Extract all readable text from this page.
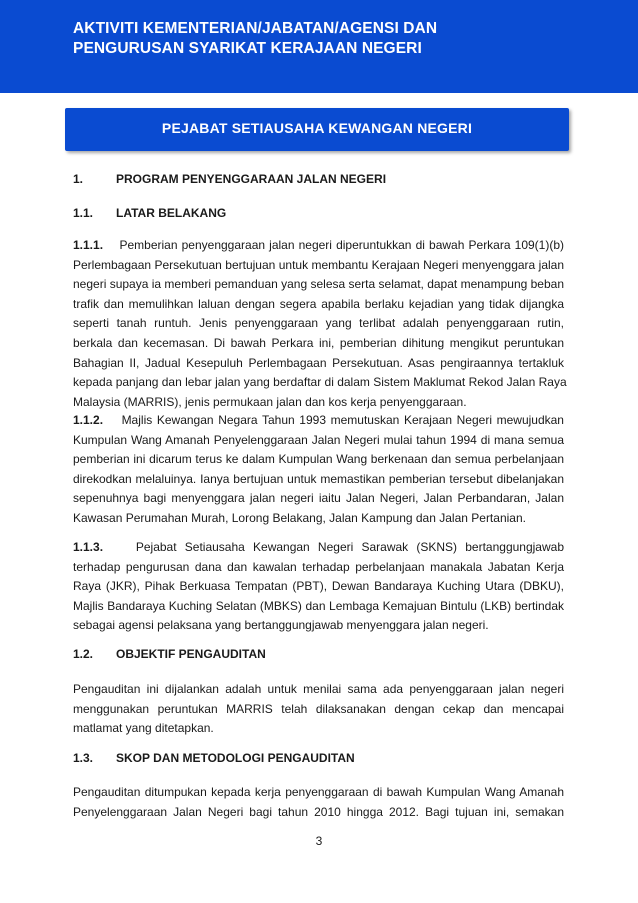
AKTIVITI KEMENTERIAN/JABATAN/AGENSI DAN
PENGURUSAN SYARIKAT KERAJAAN NEGERI
PEJABAT SETIAUSAHA KEWANGAN NEGERI
1.	PROGRAM PENYENGGARAAN JALAN NEGERI
1.1. LATAR BELAKANG
1.1.1. Pemberian penyenggaraan jalan negeri diperuntukkan di bawah Perkara 109(1)(b)
Perlembagaan Persekutuan bertujuan untuk membantu Kerajaan Negeri menyenggara jalan
negeri supaya ia memberi pemanduan yang selesa serta selamat, dapat menampung beban
trafik dan memulihkan laluan dengan segera apabila berlaku kejadian yang tidak dijangka
seperti tanah runtuh. Jenis penyenggaraan yang terlibat adalah penyenggaraan rutin,
berkala dan kecemasan. Di bawah Perkara ini, pemberian dihitung mengikut peruntukan
Bahagian II, Jadual Kesepuluh Perlembagaan Persekutuan. Asas pengiraannya tertakluk
kepada panjang dan lebar jalan yang berdaftar di dalam Sistem Maklumat Rekod Jalan Raya
Malaysia (MARRIS), jenis permukaan jalan dan kos kerja penyenggaraan.
1.1.2. Majlis Kewangan Negara Tahun 1993 memutuskan Kerajaan Negeri mewujudkan
Kumpulan Wang Amanah Penyelenggaraan Jalan Negeri mulai tahun 1994 di mana semua
pemberian ini dicarum terus ke dalam Kumpulan Wang berkenaan dan semua perbelanjaan
direkodkan melaluinya. Ianya bertujuan untuk memastikan pemberian tersebut dibelanjakan
sepenuhnya bagi menyenggara jalan negeri iaitu Jalan Negeri, Jalan Perbandaran, Jalan
Kawasan Perumahan Murah, Lorong Belakang, Jalan Kampung dan Jalan Pertanian.
1.1.3.	Pejabat Setiausaha Kewangan Negeri Sarawak (SKNS) bertanggungjawab
terhadap pengurusan dana dan kawalan terhadap perbelanjaan manakala Jabatan Kerja
Raya (JKR), Pihak Berkuasa Tempatan (PBT), Dewan Bandaraya Kuching Utara (DBKU),
Majlis Bandaraya Kuching Selatan (MBKS) dan Lembaga Kemajuan Bintulu (LKB) bertindak
sebagai agensi pelaksana yang bertanggungjawab menyenggara jalan negeri.
1.2. OBJEKTIF PENGAUDITAN
Pengauditan ini dijalankan adalah untuk menilai sama ada penyenggaraan jalan negeri
menggunakan peruntukan MARRIS telah dilaksanakan dengan cekap dan mencapai
matlamat yang ditetapkan.
1.3. SKOP DAN METODOLOGI PENGAUDITAN
Pengauditan ditumpukan kepada kerja penyenggaraan di bawah Kumpulan Wang Amanah
Penyelenggaraan Jalan Negeri bagi tahun 2010 hingga 2012. Bagi tujuan ini, semakan
3
